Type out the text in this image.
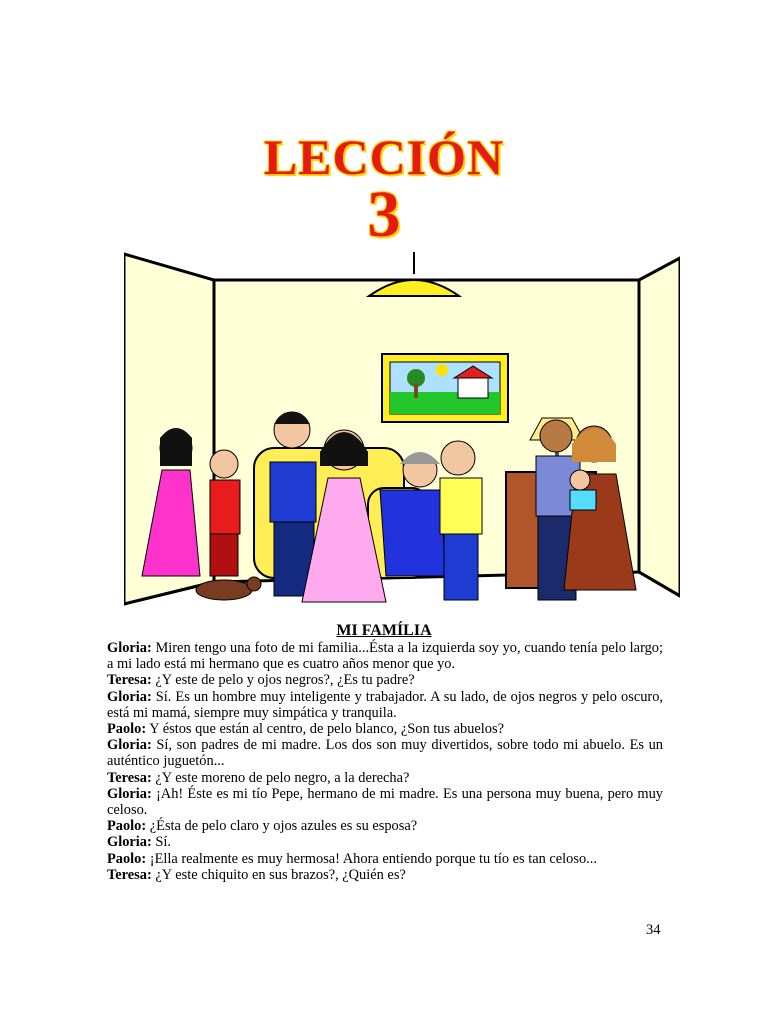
LECCIÓN
3
MI FAMÍLIA

Gloria: Miren tengo una foto de mi familia...Ésta a la izquierda soy yo, cuando tenía pelo largo; a mi lado está mi hermano que es cuatro años menor que yo.

Teresa: ¿Y este de pelo y ojos negros?, ¿Es tu padre?

Gloria: Sí. Es un hombre muy inteligente y trabajador. A su lado, de ojos negros y pelo oscuro, está mi mamá, siempre muy simpática y tranquila.

Paolo: Y éstos que están al centro, de pelo blanco, ¿Son tus abuelos?

Gloria: Sí, son padres de mi madre. Los dos son muy divertidos, sobre todo mi abuelo. Es un auténtico juguetón...

Teresa: ¿Y este moreno de pelo negro, a la derecha?

Gloria: ¡Ah! Éste es mi tío Pepe, hermano de mi madre. Es una persona muy buena, pero muy celoso.

Paolo: ¿Ésta de pelo claro y ojos azules es su esposa?

Gloria: Sí.

Paolo: ¡Ella realmente es muy hermosa! Ahora entiendo porque tu tío es tan celoso...

Teresa: ¿Y este chiquito en sus brazos?, ¿Quién es?

34
